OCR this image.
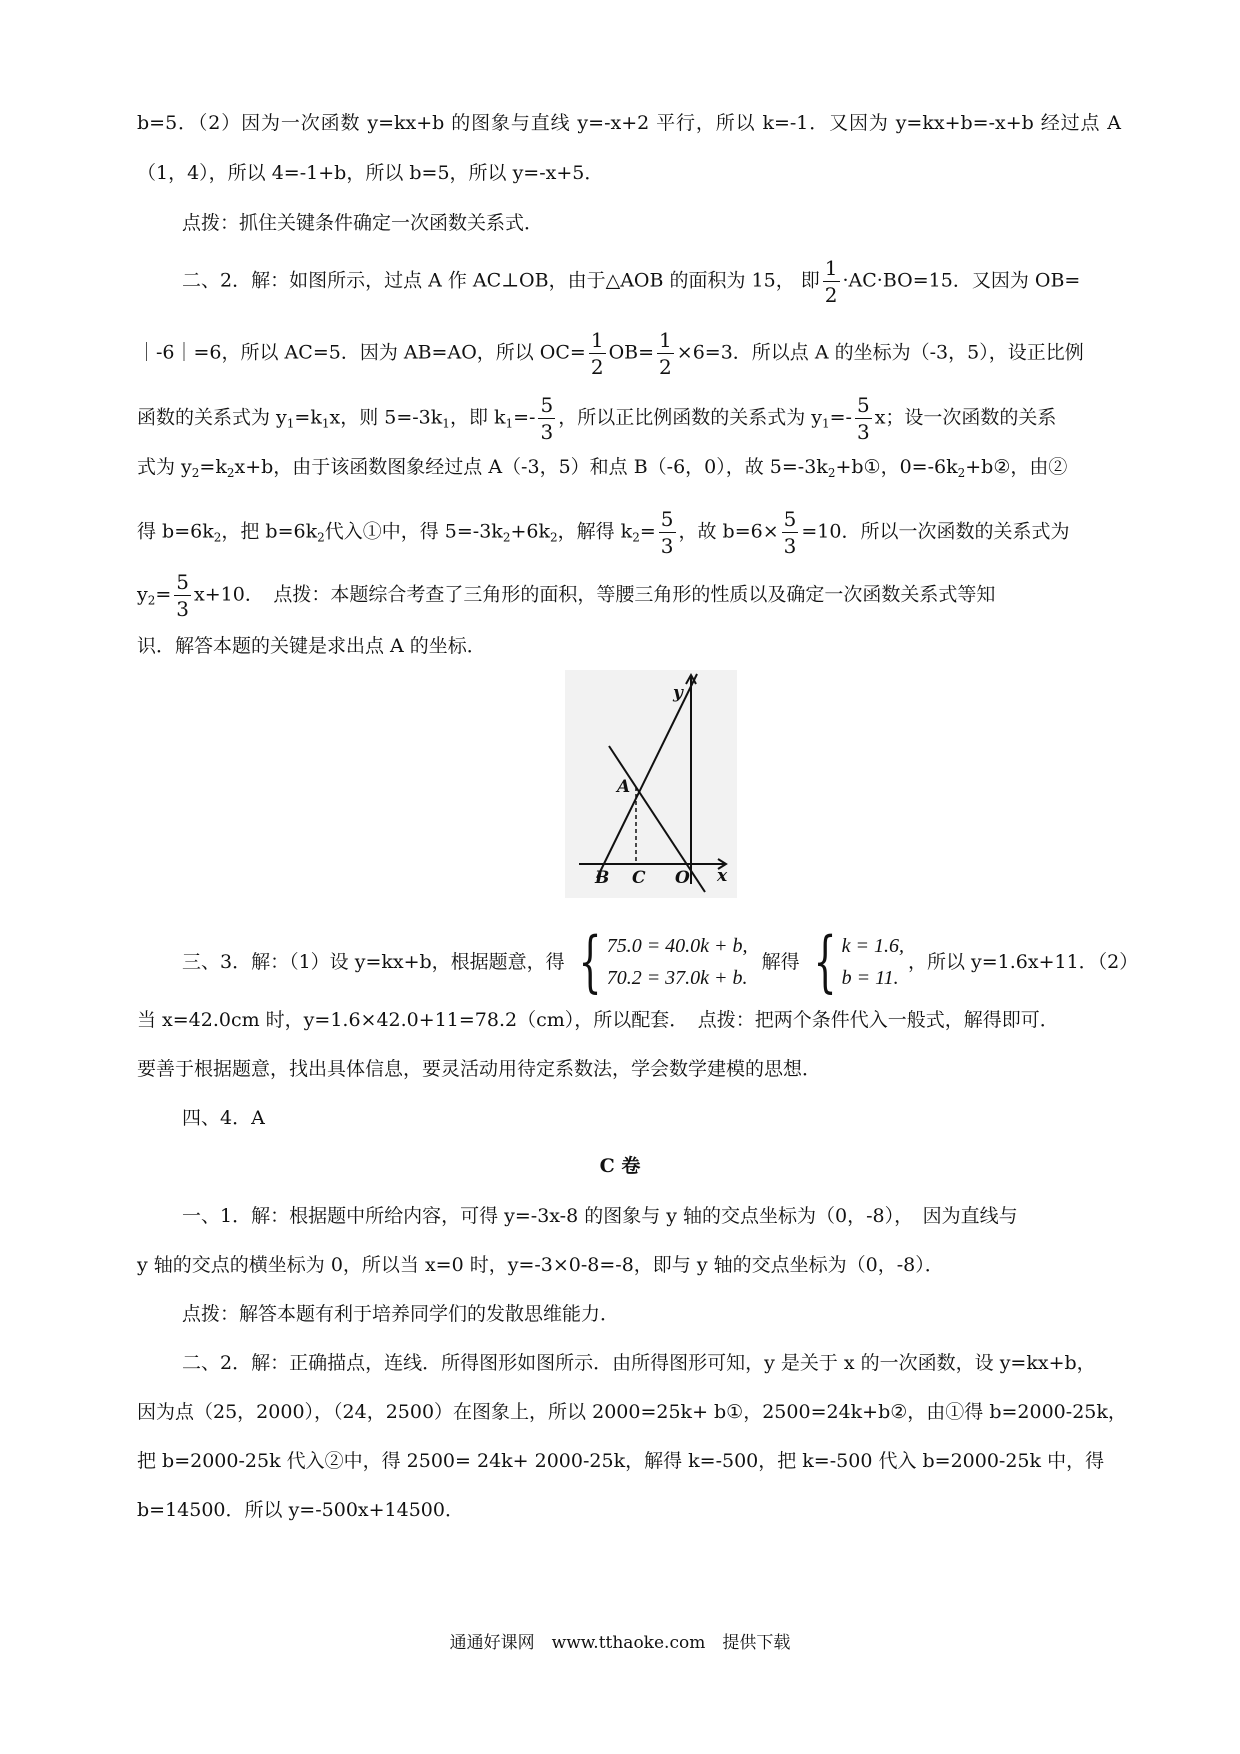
b=5．（2）因为一次函数 y=kx+b 的图象与直线 y=-x+2 平行，所以 k=-1．又因为 y=kx+b=-x+b 经过点 A
（1，4），所以 4=-1+b，所以 b=5，所以 y=-x+5．
点拨：抓住关键条件确定一次函数关系式．
二、2．解：如图所示，过点 A 作 AC⊥OB，由于△AOB 的面积为 15， 即 $\frac{1}{2} \cdot AC\cdot BO=15$．又因为 OB=
｜-6｜=6，所以 AC=5．因为 AB=AO，所以 $OC= \frac{1}{2} OB= \frac{1}{2} \times 6=3$．所以点 A 的坐标为（-3，5），设正比例
函数的关系式为 $y_1=k_1x$，则 $5=-3k_1$，即 $k_1=- \frac{5}{3}$ ，所以正比例函数的关系式为 $y_1=- \frac{5}{3}$ x；设一次函数的关系
式为 $y_2=k_2x+b$，由于该函数图象经过点 A（-3，5）和点 B（-6，0），故 $5=-3k_2+b①$，$0=-6k_2+b②$，由②
得 $b=6k_2$，把 $b=6k_2$代入①中，得 $5=-3k_2+6k_2$，解得 $k_2= \frac{5}{3}$ ，故 $b=6\times \frac{5}{3} =10$．所以一次函数的关系式为
$y_2= \frac{5}{3} x+10$．　点拨：本题综合考查了三角形的面积，等腰三角形的性质以及确定一次函数关系式等知
识．解答本题的关键是求出点 A 的坐标．
y
A
B C O x
三、3．解：（1）设 y=kx+b，根据题意，得 { 75.0 = 40.0k + b,
70.2 = 37.0k + b.
解得 { k = 1.6,
b = 11.
，所以 y=1.6x+11．（2）
当 x=42.0cm 时，y=1.6×42.0+11=78.2（cm），所以配套．　点拨：把两个条件代入一般式，解得即可．
要善于根据题意，找出具体信息，要灵活动用待定系数法，学会数学建模的思想．
四、4．A
C 卷
一、1．解：根据题中所给内容，可得 y=-3x-8 的图象与 y 轴的交点坐标为（0，-8），　因为直线与
y 轴的交点的横坐标为 0，所以当 x=0 时，y=-3×0-8=-8，即与 y 轴的交点坐标为（0，-8）．
点拨：解答本题有利于培养同学们的发散思维能力．
二、2．解：正确描点，连线．所得图形如图所示．由所得图形可知，y 是关于 x 的一次函数，设 y=kx+b，
因为点（25，2000），（24，2500）在图象上，所以 2000=25k+ b①，2500=24k+b②，由①得 b=2000-25k，
把 b=2000-25k 代入②中，得 2500= 24k+ 2000-25k，解得 k=-500，把 k=-500 代入 b=2000-25k 中，得
b=14500．所以 y=-500x+14500．
通通好课网　www.tthaoke.com　提供下载
